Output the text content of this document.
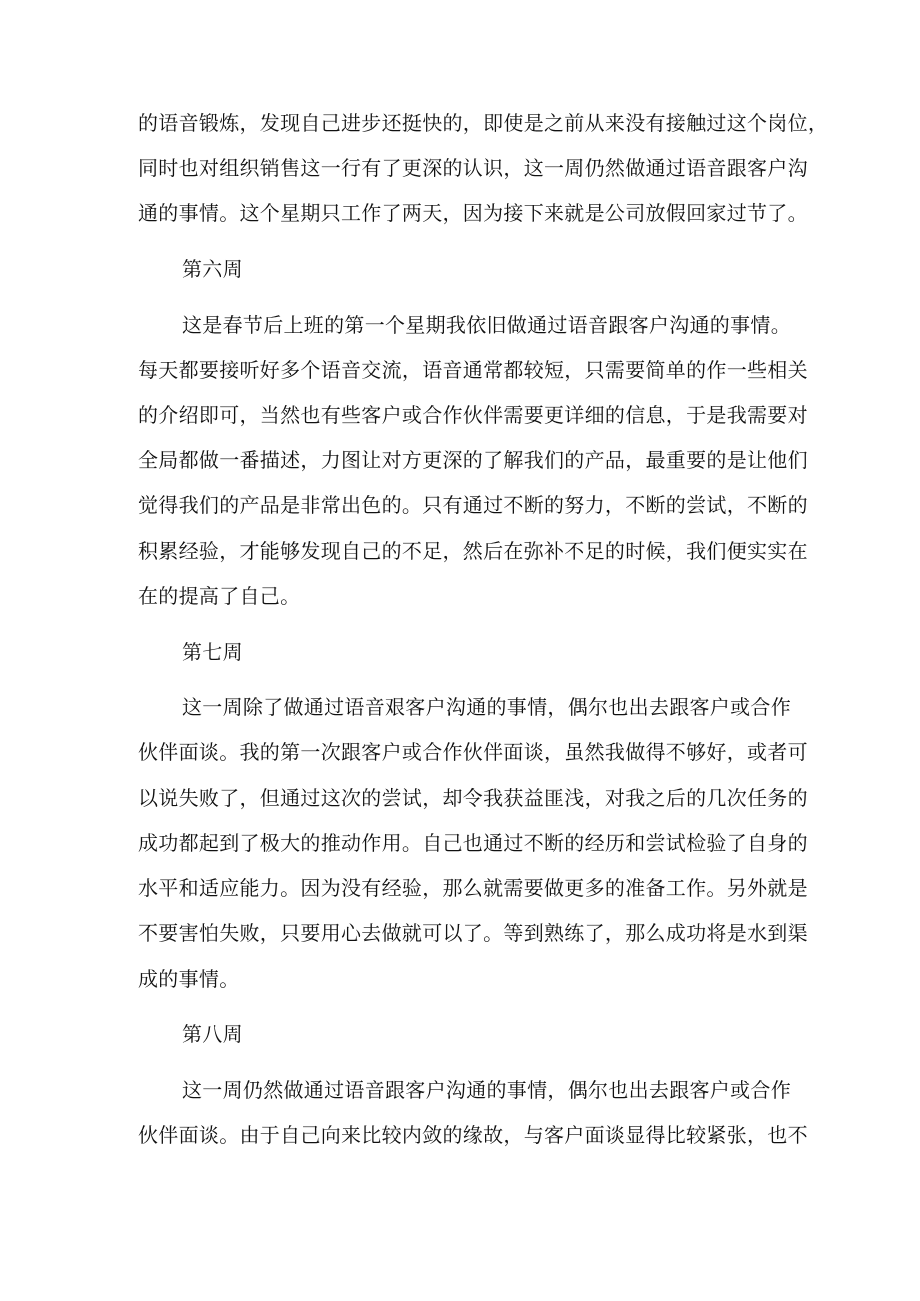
的语音锻炼，发现自己进步还挺快的，即使是之前从来没有接触过这个岗位，
同时也对组织销售这一行有了更深的认识，这一周仍然做通过语音跟客户沟
通的事情。这个星期只工作了两天，因为接下来就是公司放假回家过节了。
第六周
这是春节后上班的第一个星期我依旧做通过语音跟客户沟通的事情。
每天都要接听好多个语音交流，语音通常都较短，只需要简单的作一些相关
的介绍即可，当然也有些客户或合作伙伴需要更详细的信息，于是我需要对
全局都做一番描述，力图让对方更深的了解我们的产品，最重要的是让他们
觉得我们的产品是非常出色的。只有通过不断的努力，不断的尝试，不断的
积累经验，才能够发现自己的不足，然后在弥补不足的时候，我们便实实在
在的提高了自己。
第七周
这一周除了做通过语音艰客户沟通的事情，偶尔也出去跟客户或合作
伙伴面谈。我的第一次跟客户或合作伙伴面谈，虽然我做得不够好，或者可
以说失败了，但通过这次的尝试，却令我获益匪浅，对我之后的几次任务的
成功都起到了极大的推动作用。自己也通过不断的经历和尝试检验了自身的
水平和适应能力。因为没有经验，那么就需要做更多的准备工作。另外就是
不要害怕失败，只要用心去做就可以了。等到熟练了，那么成功将是水到渠
成的事情。
第八周
这一周仍然做通过语音跟客户沟通的事情，偶尔也出去跟客户或合作
伙伴面谈。由于自己向来比较内敛的缘故，与客户面谈显得比较紧张，也不
